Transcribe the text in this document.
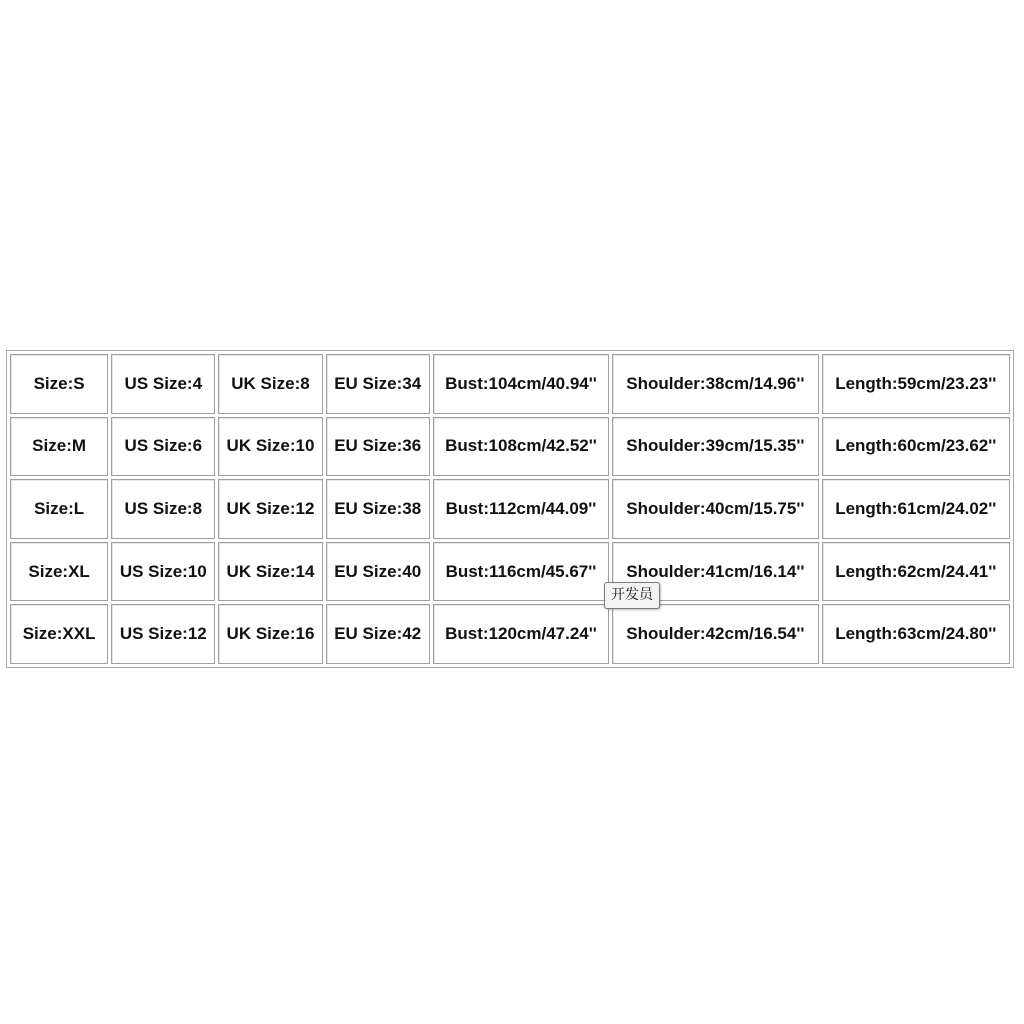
Size:S	US Size:4	UK Size:8	EU Size:34	Bust:104cm/40.94''	Shoulder:38cm/14.96''	Length:59cm/23.23''
Size:M	US Size:6	UK Size:10	EU Size:36	Bust:108cm/42.52''	Shoulder:39cm/15.35''	Length:60cm/23.62''
Size:L	US Size:8	UK Size:12	EU Size:38	Bust:112cm/44.09''	Shoulder:40cm/15.75''	Length:61cm/24.02''
Size:XL	US Size:10	UK Size:14	EU Size:40	Bust:116cm/45.67''	Shoulder:41cm/16.14''	Length:62cm/24.41''
Size:XXL	US Size:12	UK Size:16	EU Size:42	Bust:120cm/47.24''	Shoulder:42cm/16.54''	Length:63cm/24.80''
开发员
